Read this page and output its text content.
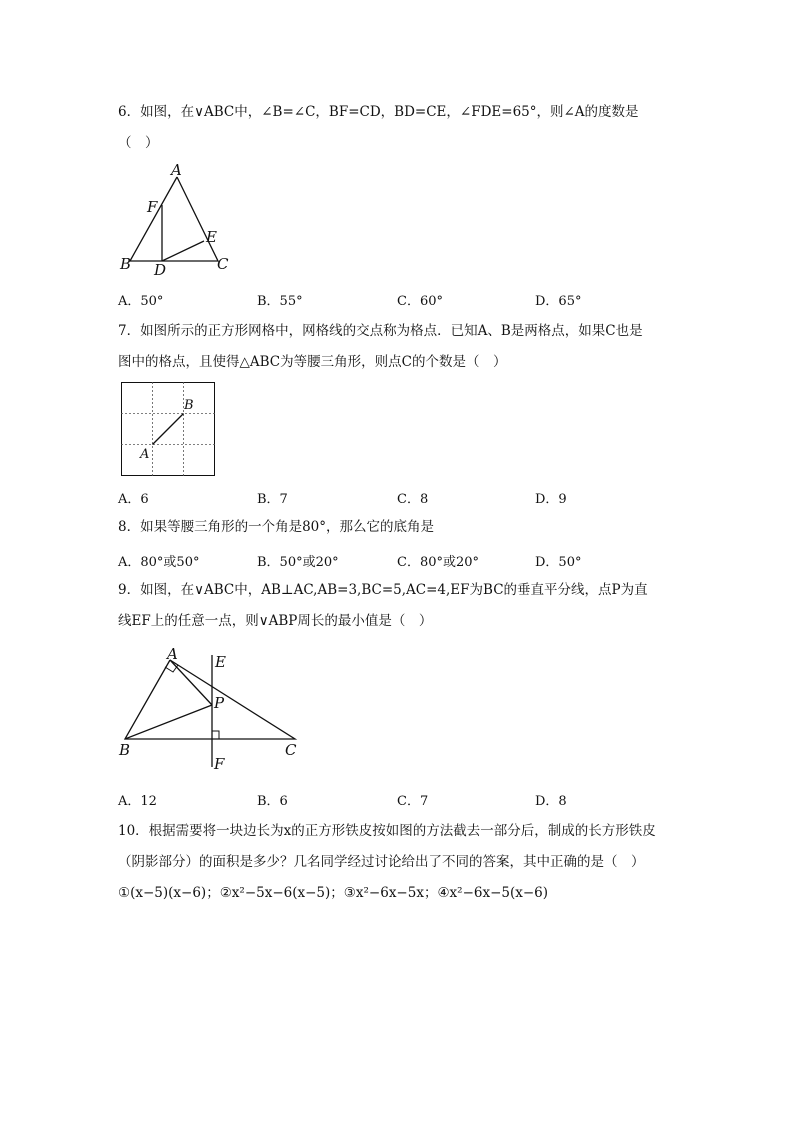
6．如图，在∨ABC中，∠B=∠C，BF=CD，BD=CE，∠FDE=65°，则∠A的度数是
（　）
A
F
E
B D	C
A．50°	B．55°	C．60°	D．65°
7．如图所示的正方形网格中，网格线的交点称为格点．已知A、B是两格点，如果C也是
图中的格点，且使得△ABC为等腰三角形，则点C的个数是（　）
B
A
A．6	B．7	C．8	D．9
8．如果等腰三角形的一个角是80°，那么它的底角是
A．80°或50°	B．50°或20°	C．80°或20°	D．50°
9．如图，在∨ABC中，AB⊥AC,AB=3,BC=5,AC=4,EF为BC的垂直平分线，点P为直
线EF上的任意一点，则∨ABP周长的最小值是（　）
A E
P
B	C
F
A．12	B．6	C．7	D．8
10．根据需要将一块边长为x的正方形铁皮按如图的方法截去一部分后，制成的长方形铁皮
（阴影部分）的面积是多少？几名同学经过讨论给出了不同的答案，其中正确的是（　）
①(x−5)(x−6)；②x²−5x−6(x−5)；③x²−6x−5x；④x²−6x−5(x−6)
